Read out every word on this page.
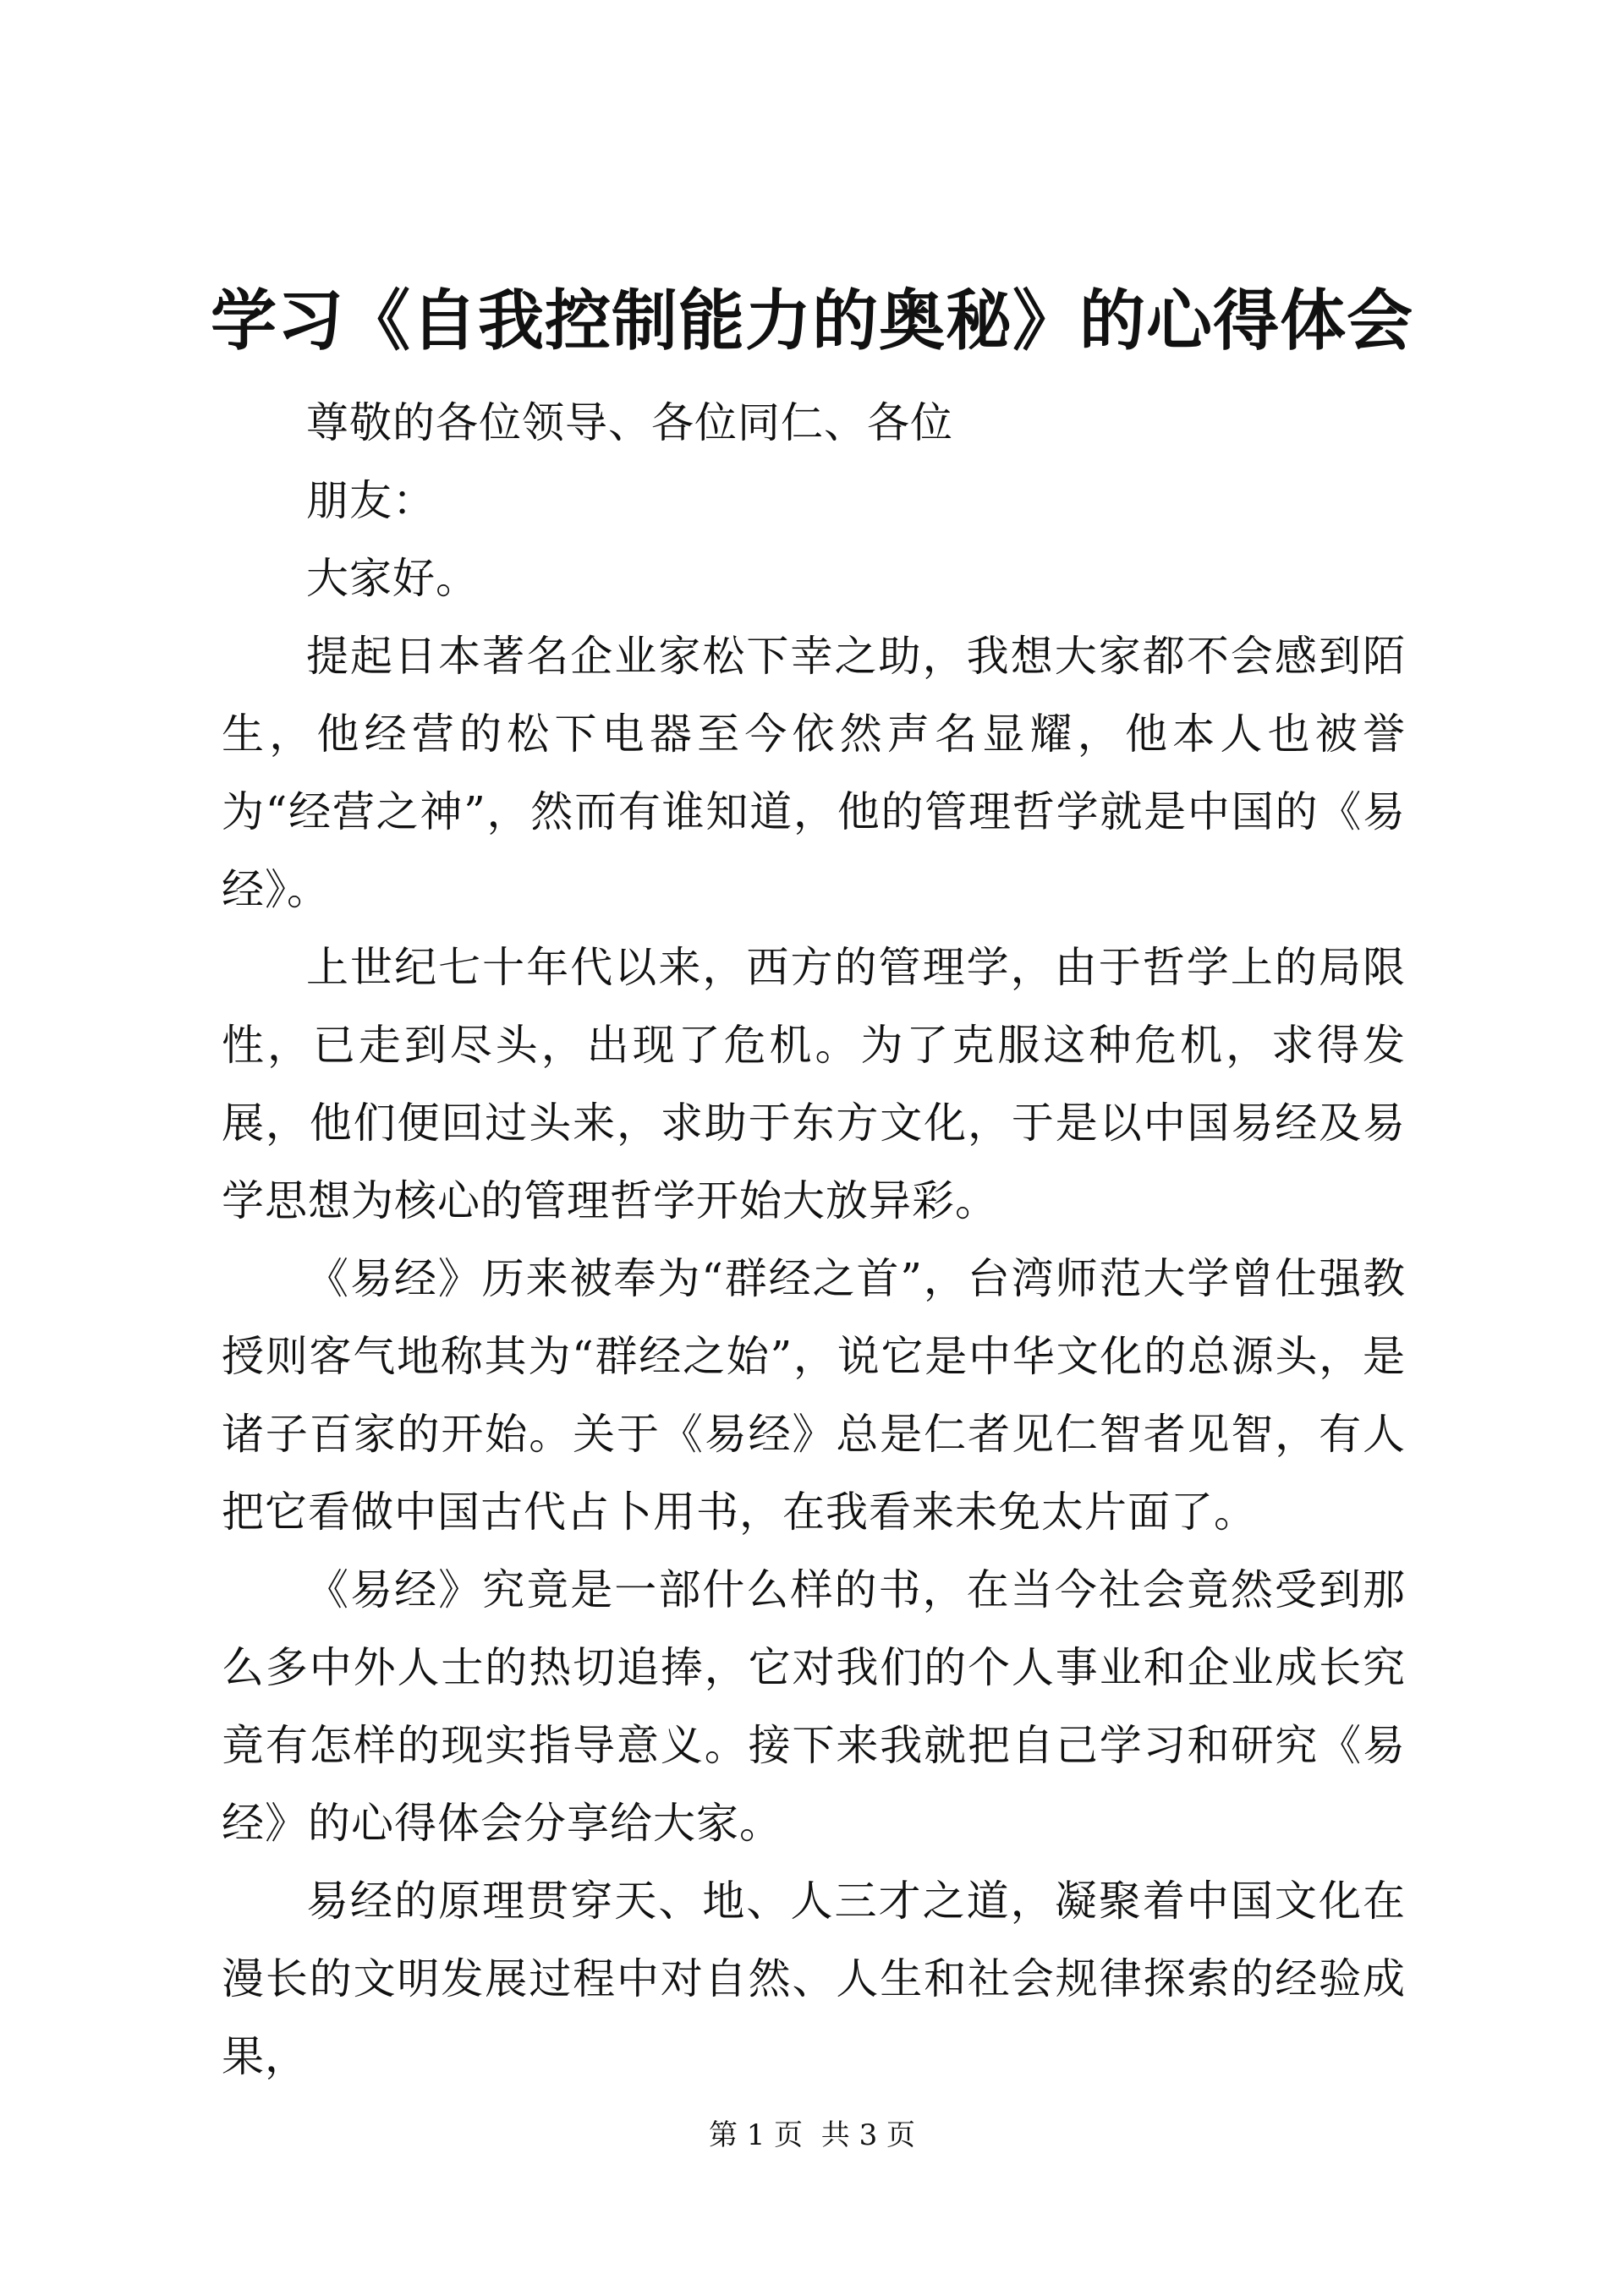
学习《自我控制能力的奥秘》的心得体会

尊敬的各位领导、各位同仁、各位

朋友：

大家好。

提起日本著名企业家松下幸之助，我想大家都不会感到陌生，他经营的松下电器至今依然声名显耀，他本人也被誉为“经营之神”，然而有谁知道，他的管理哲学就是中国的《易经》。

上世纪七十年代以来，西方的管理学，由于哲学上的局限性，已走到尽头，出现了危机。为了克服这种危机，求得发展，他们便回过头来，求助于东方文化，于是以中国易经及易学思想为核心的管理哲学开始大放异彩。

《易经》历来被奉为“群经之首”，台湾师范大学曾仕强教授则客气地称其为“群经之始”，说它是中华文化的总源头，是诸子百家的开始。关于《易经》总是仁者见仁智者见智，有人把它看做中国古代占卜用书，在我看来未免太片面了。

《易经》究竟是一部什么样的书，在当今社会竟然受到那么多中外人士的热切追捧，它对我们的个人事业和企业成长究竟有怎样的现实指导意义。接下来我就把自己学习和研究《易经》的心得体会分享给大家。

易经的原理贯穿天、地、人三才之道，凝聚着中国文化在漫长的文明发展过程中对自然、人生和社会规律探索的经验成果，

第 1 页  共 3 页
